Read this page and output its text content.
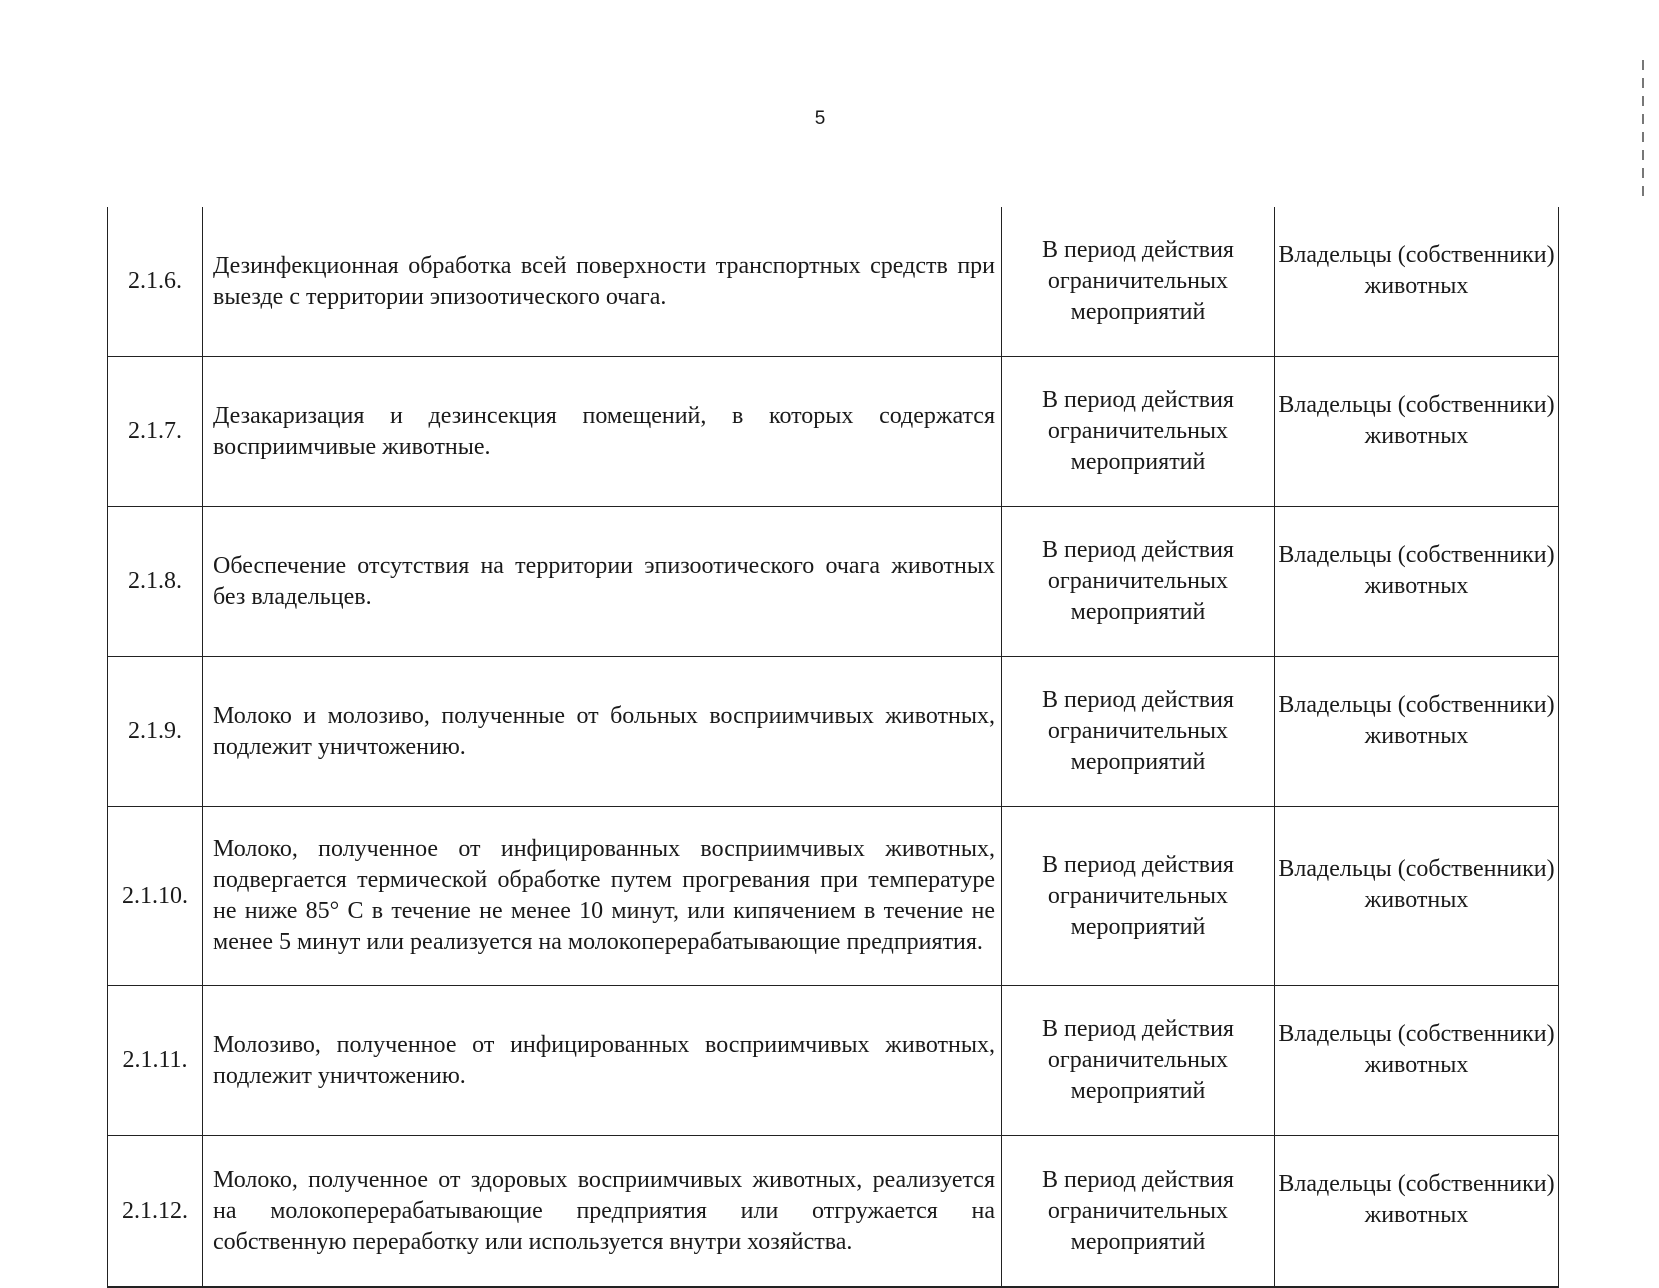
5
2.1.6.	Дезинфекционная обработка всей поверхности транспортных средств при выезде с территории эпизоотического очага.	В период действия ограничительных мероприятий	Владельцы (собственники) животных
2.1.7.	Дезакаризация и дезинсекция помещений, в которых содержатся восприимчивые животные.	В период действия ограничительных мероприятий	Владельцы (собственники) животных
2.1.8.	Обеспечение отсутствия на территории эпизоотического очага животных без владельцев.	В период действия ограничительных мероприятий	Владельцы (собственники) животных
2.1.9.	Молоко и молозиво, полученные от больных восприимчивых животных, подлежит уничтожению.	В период действия ограничительных мероприятий	Владельцы (собственники) животных
2.1.10.	Молоко, полученное от инфицированных восприимчивых животных, подвергается термической обработке путем прогревания при температуре не ниже 85° С в течение не менее 10 минут, или кипячением в течение не менее 5 минут или реализуется на молокоперерабатывающие предприятия.	В период действия ограничительных мероприятий	Владельцы (собственники) животных
2.1.11.	Молозиво, полученное от инфицированных восприимчивых животных, подлежит уничтожению.	В период действия ограничительных мероприятий	Владельцы (собственники) животных
2.1.12.	Молоко, полученное от здоровых восприимчивых животных, реализуется на молокоперерабатывающие предприятия или отгружается на собственную переработку или используется внутри хозяйства.	В период действия ограничительных мероприятий	Владельцы (собственники) животных
